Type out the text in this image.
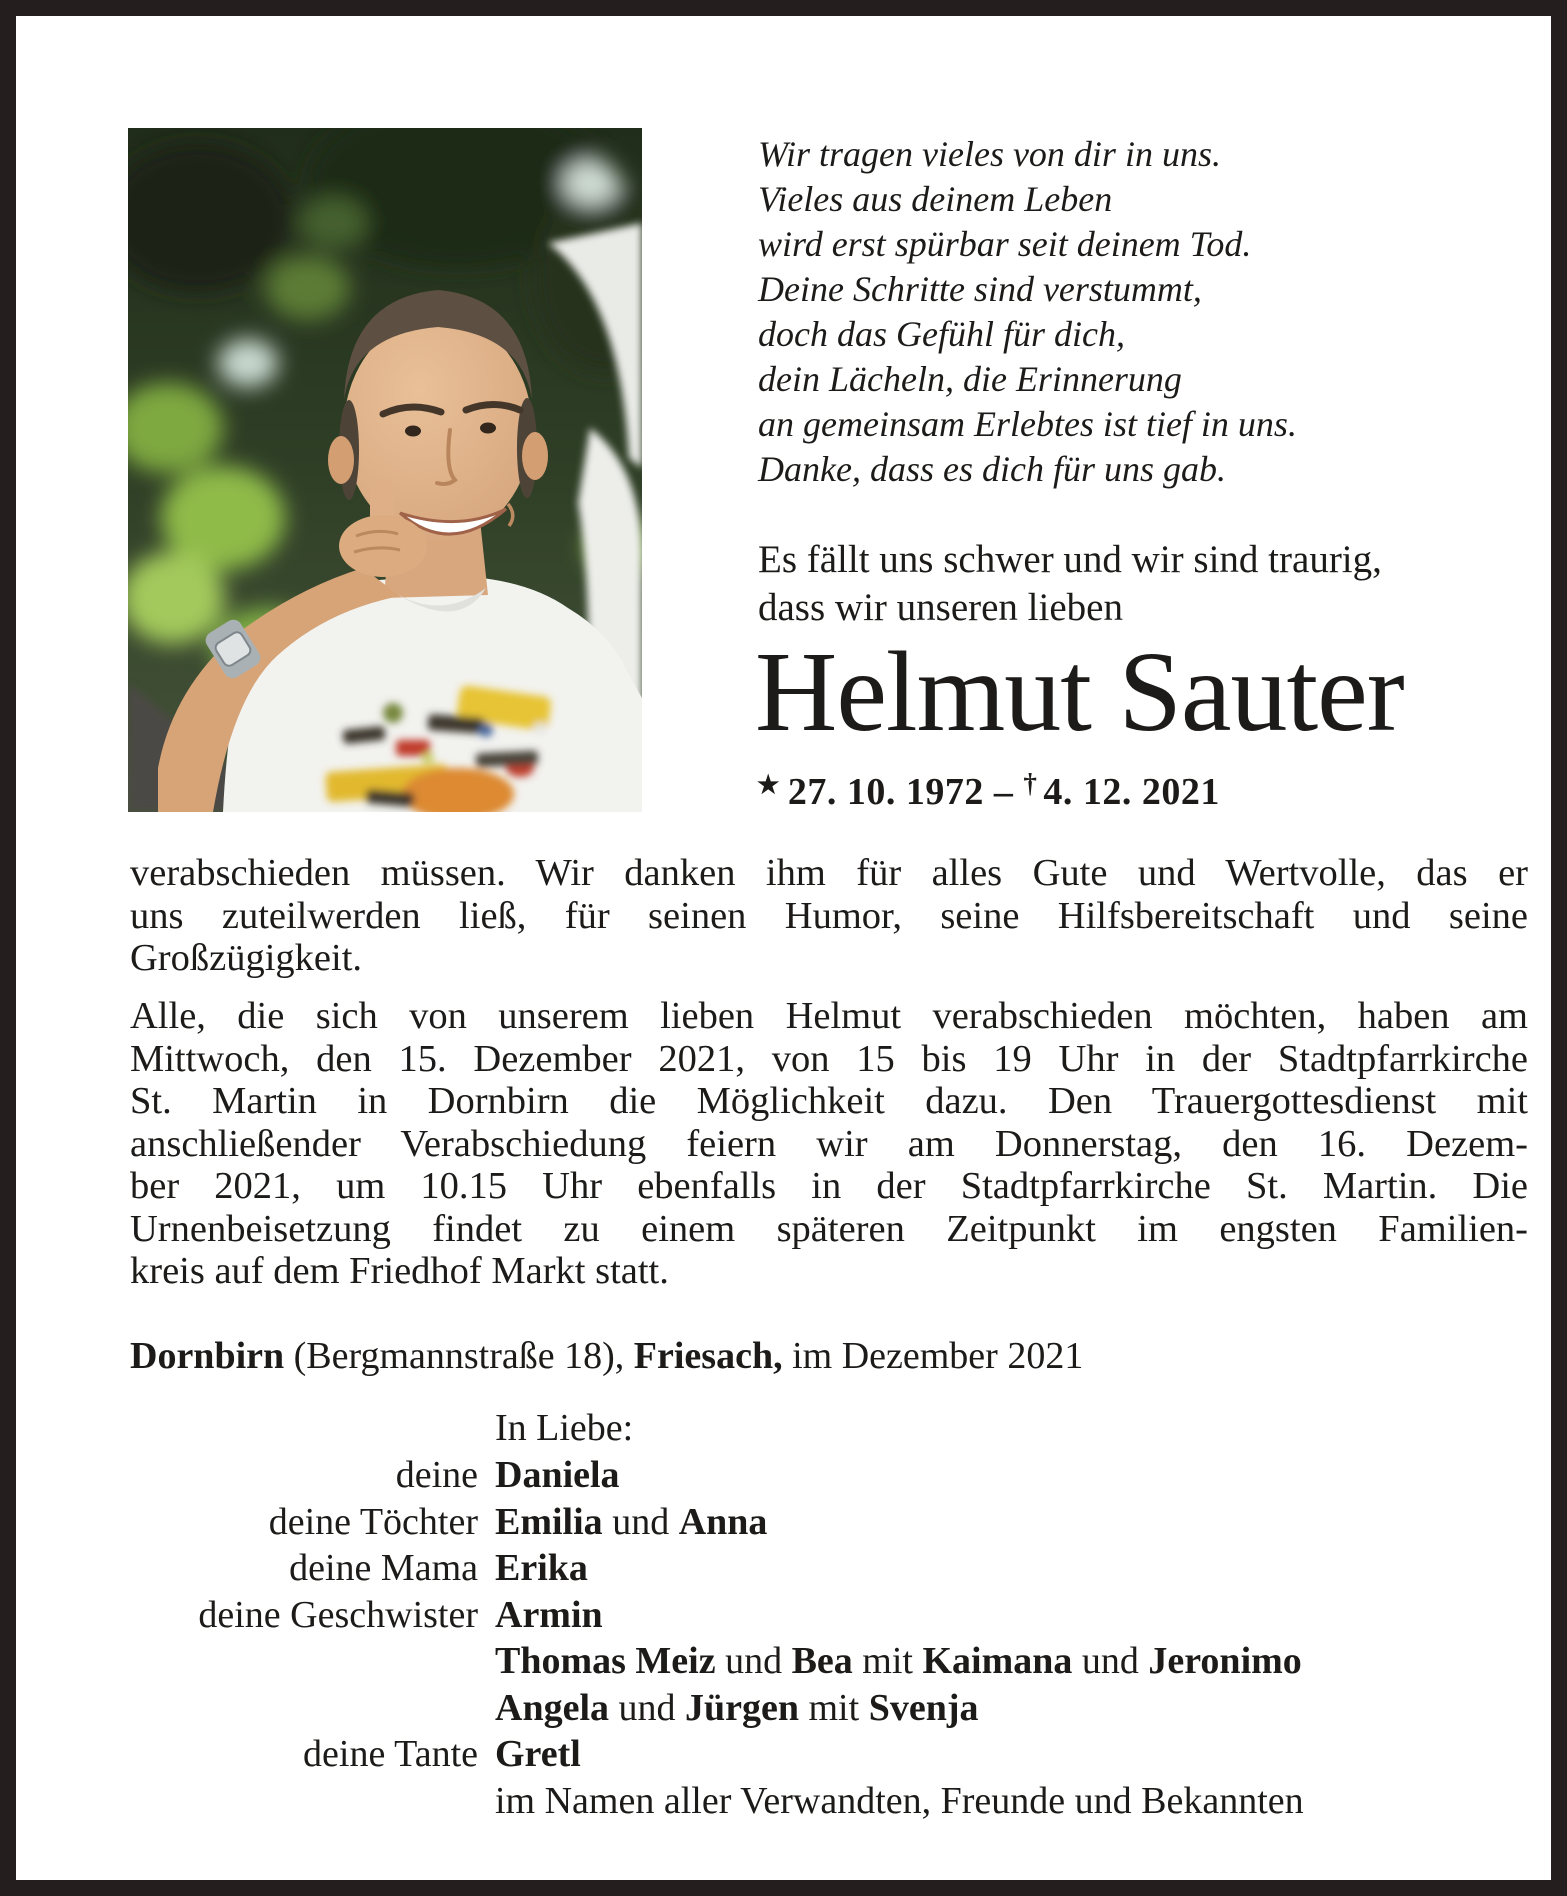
Wir tragen vieles von dir in uns.
Vieles aus deinem Leben
wird erst spürbar seit deinem Tod.
Deine Schritte sind verstummt,
doch das Gefühl für dich,
dein Lächeln, die Erinnerung
an gemeinsam Erlebtes ist tief in uns.
Danke, dass es dich für uns gab.
Es fällt uns schwer und wir sind traurig,
dass wir unseren lieben
Helmut Sauter
★ 27. 10. 1972 – † 4. 12. 2021
verabschieden müssen. Wir danken ihm für alles Gute und Wertvolle, das er
uns zuteilwerden ließ, für seinen Humor, seine Hilfsbereitschaft und seine
Großzügigkeit.
Alle, die sich von unserem lieben Helmut verabschieden möchten, haben am
Mittwoch, den 15. Dezember 2021, von 15 bis 19 Uhr in der Stadtpfarrkirche
St. Martin in Dornbirn die Möglichkeit dazu. Den Trauergottesdienst mit
anschließender Verabschiedung feiern wir am Donnerstag, den 16. Dezem-
ber 2021, um 10.15 Uhr ebenfalls in der Stadtpfarrkirche St. Martin. Die
Urnenbeisetzung findet zu einem späteren Zeitpunkt im engsten Familien-
kreis auf dem Friedhof Markt statt.
Dornbirn (Bergmannstraße 18), Friesach, im Dezember 2021
In Liebe:
deine Daniela
deine Töchter Emilia und Anna
deine Mama Erika
deine Geschwister Armin
Thomas Meiz und Bea mit Kaimana und Jeronimo
Angela und Jürgen mit Svenja
deine Tante Gretl
im Namen aller Verwandten, Freunde und Bekannten
